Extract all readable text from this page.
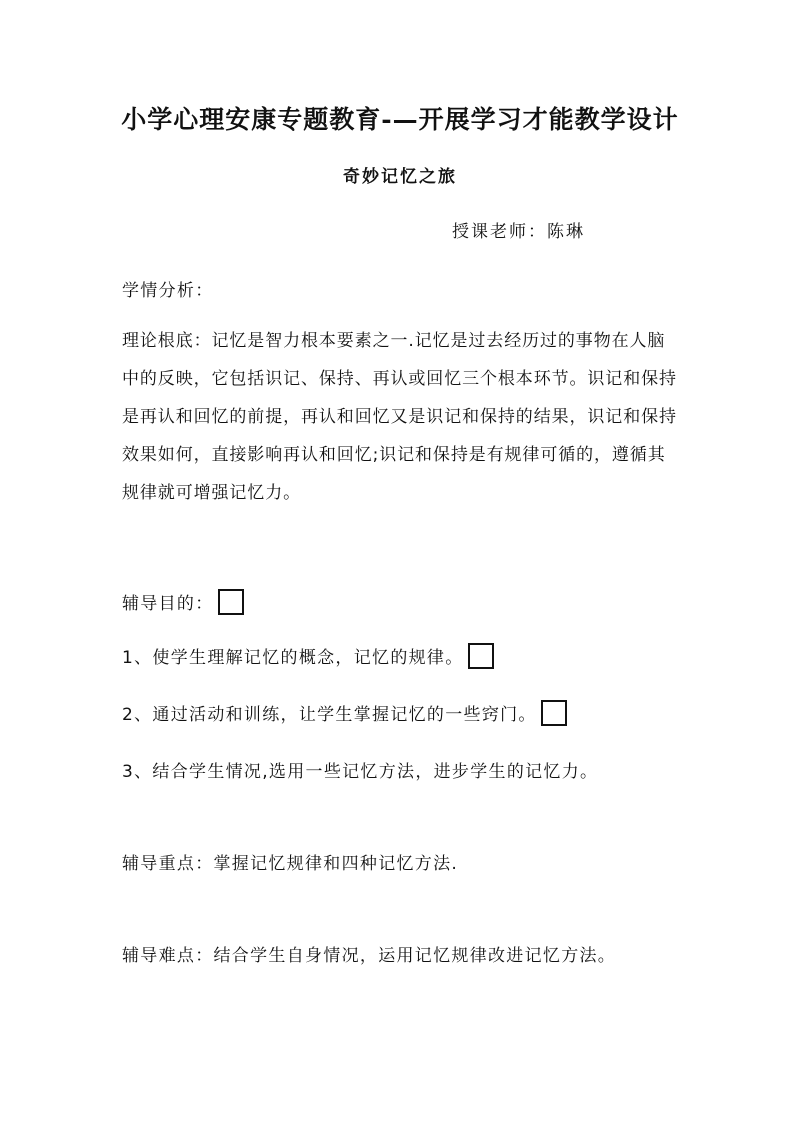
小学心理安康专题教育-—开展学习才能教学设计
奇妙记忆之旅
授课老师：陈琳
学情分析：
理论根底：记忆是智力根本要素之一.记忆是过去经历过的事物在人脑中的反映，它包括识记、保持、再认或回忆三个根本环节。识记和保持是再认和回忆的前提，再认和回忆又是识记和保持的结果，识记和保持效果如何，直接影响再认和回忆;识记和保持是有规律可循的，遵循其规律就可增强记忆力。
辅导目的：
1、使学生理解记忆的概念，记忆的规律。
2、通过活动和训练，让学生掌握记忆的一些窍门。
3、结合学生情况,选用一些记忆方法，进步学生的记忆力。
辅导重点：掌握记忆规律和四种记忆方法.
辅导难点：结合学生自身情况，运用记忆规律改进记忆方法。
